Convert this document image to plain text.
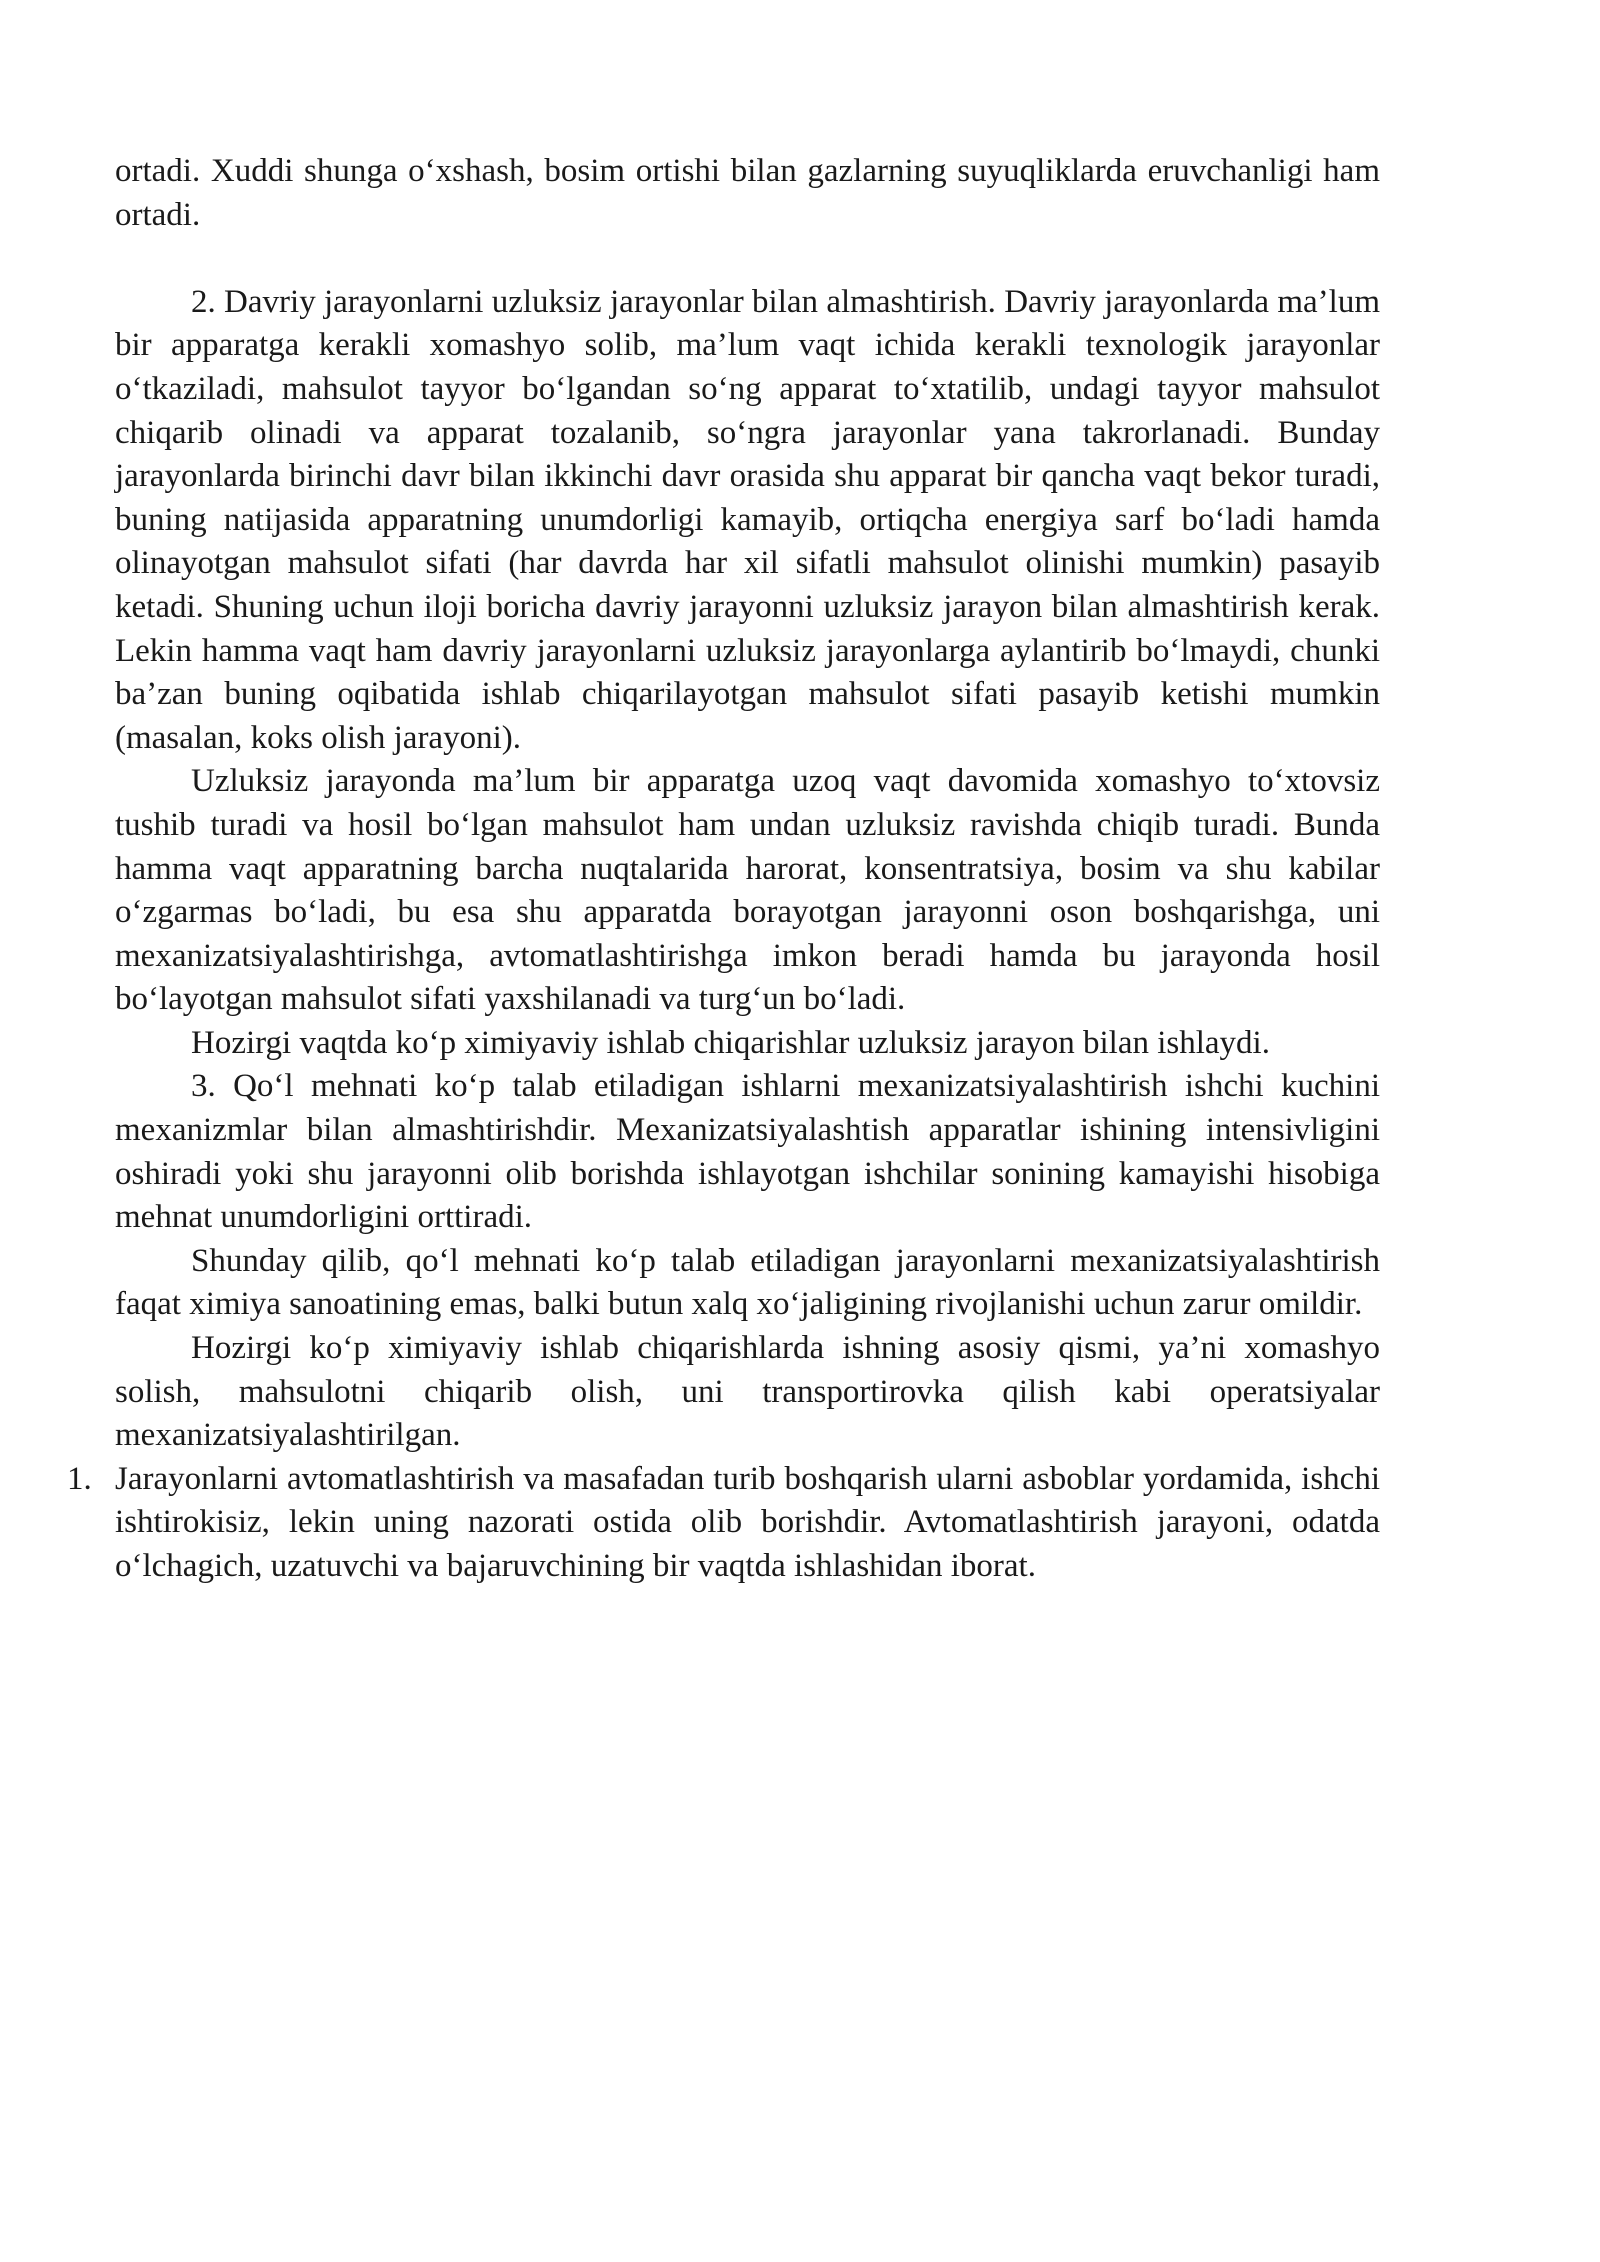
ortadi. Xuddi shunga o‘xshash, bosim ortishi bilan gazlarning suyuqliklarda eruvchanligi ham ortadi.

2. Davriy jarayonlarni uzluksiz jarayonlar bilan almashtirish. Davriy jarayonlarda ma’lum bir apparatga kerakli xomashyo solib, ma’lum vaqt ichida kerakli texnologik jarayonlar o‘tkaziladi, mahsulot tayyor bo‘lgandan so‘ng apparat to‘xtatilib, undagi tayyor mahsulot chiqarib olinadi va apparat tozalanib, so‘ngra jarayonlar yana takrorlanadi. Bunday jarayonlarda birinchi davr bilan ikkinchi davr orasida shu apparat bir qancha vaqt bekor turadi, buning natijasida apparatning unumdorligi kamayib, ortiqcha energiya sarf bo‘ladi hamda olinayotgan mahsulot sifati (har davrda har xil sifatli mahsulot olinishi mumkin) pasayib ketadi. Shuning uchun iloji boricha davriy jarayonni uzluksiz jarayon bilan almashtirish kerak. Lekin hamma vaqt ham davriy jarayonlarni uzluksiz jarayonlarga aylantirib bo‘lmaydi, chunki ba’zan buning oqibatida ishlab chiqarilayotgan mahsulot sifati pasayib ketishi mumkin (masalan, koks olish jarayoni).

Uzluksiz jarayonda ma’lum bir apparatga uzoq vaqt davomida xomashyo to‘xtovsiz tushib turadi va hosil bo‘lgan mahsulot ham undan uzluksiz ravishda chiqib turadi. Bunda hamma vaqt apparatning barcha nuqtalarida harorat, konsentratsiya, bosim va shu kabilar o‘zgarmas bo‘ladi, bu esa shu apparatda borayotgan jarayonni oson boshqarishga, uni mexanizatsiyalashtirishga, avtomatlashtirishga imkon beradi hamda bu jarayonda hosil bo‘layotgan mahsulot sifati yaxshilanadi va turg‘un bo‘ladi.

Hozirgi vaqtda ko‘p ximiyaviy ishlab chiqarishlar uzluksiz jarayon bilan ishlaydi.

3. Qo‘l mehnati ko‘p talab etiladigan ishlarni mexanizatsiyalashtirish ishchi kuchini mexanizmlar bilan almashtirishdir. Mexanizatsiyalashtish apparatlar ishining intensivligini oshiradi yoki shu jarayonni olib borishda ishlayotgan ishchilar sonining kamayishi hisobiga mehnat unumdorligini orttiradi.

Shunday qilib, qo‘l mehnati ko‘p talab etiladigan jarayonlarni mexanizatsiyalashtirish faqat ximiya sanoatining emas, balki butun xalq xo‘jaligining rivojlanishi uchun zarur omildir.

Hozirgi ko‘p ximiyaviy ishlab chiqarishlarda ishning asosiy qismi, ya’ni xomashyo solish, mahsulotni chiqarib olish, uni transportirovka qilish kabi operatsiyalar mexanizatsiyalashtirilgan.

1. Jarayonlarni avtomatlashtirish va masafadan turib boshqarish ularni asboblar yordamida, ishchi ishtirokisiz, lekin uning nazorati ostida olib borishdir. Avtomatlashtirish jarayoni, odatda o‘lchagich, uzatuvchi va bajaruvchining bir vaqtda ishlashidan iborat.
